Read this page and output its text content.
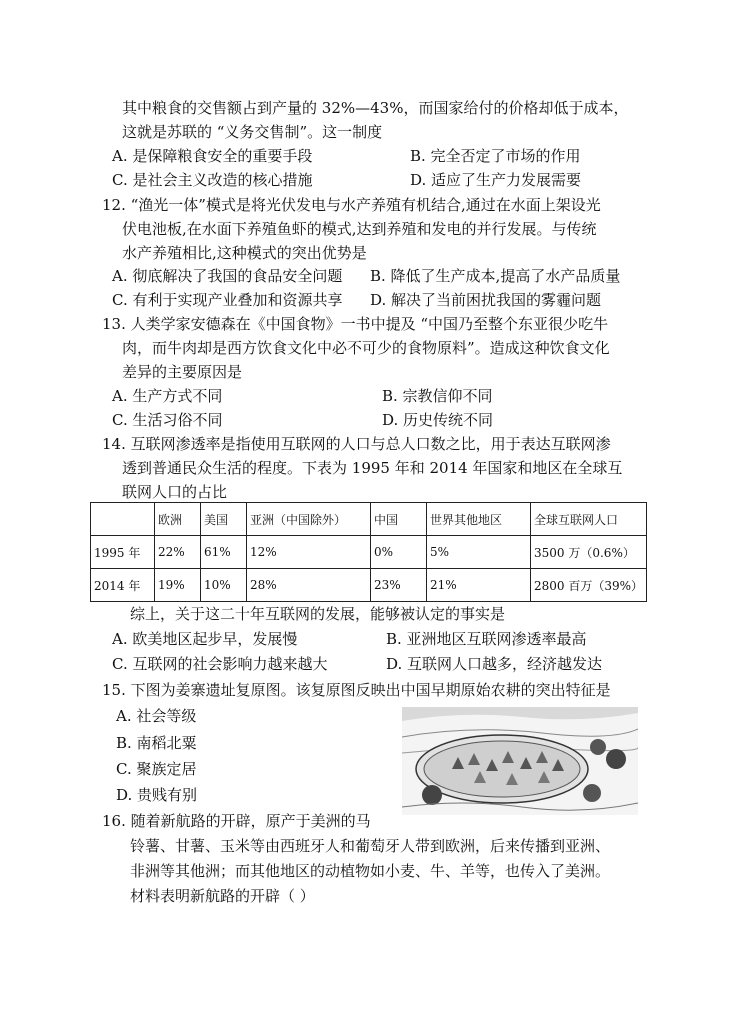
其中粮食的交售额占到产量的 32%—43%，而国家给付的价格却低于成本，
这就是苏联的 “义务交售制”。这一制度
A. 是保障粮食安全的重要手段	B. 完全否定了市场的作用
C. 是社会主义改造的核心措施	D. 适应了生产力发展需要
12. “渔光一体”模式是将光伏发电与水产养殖有机结合,通过在水面上架设光
伏电池板,在水面下养殖鱼虾的模式,达到养殖和发电的并行发展。与传统
水产养殖相比,这种模式的突出优势是
A. 彻底解决了我国的食品安全问题 B. 降低了生产成本,提高了水产品质量
C. 有利于实现产业叠加和资源共享 D. 解决了当前困扰我国的雾霾问题
13. 人类学家安德森在《中国食物》一书中提及 “中国乃至整个东亚很少吃牛
肉，而牛肉却是西方饮食文化中必不可少的食物原料”。造成这种饮食文化
差异的主要原因是
A. 生产方式不同	B. 宗教信仰不同
C. 生活习俗不同	D. 历史传统不同
14. 互联网渗透率是指使用互联网的人口与总人口数之比，用于表达互联网渗
透到普通民众生活的程度。下表为 1995 年和 2014 年国家和地区在全球互
联网人口的占比
	欧洲	美国	亚洲（中国除外）	中国	世界其他地区	全球互联网人口
1995 年	22%	61%	12%	0%	5%	3500 万（0.6%）
2014 年	19%	10%	28%	23%	21%	2800 百万（39%）
综上，关于这二十年互联网的发展，能够被认定的事实是
A. 欧美地区起步早，发展慢	B. 亚洲地区互联网渗透率最高
C. 互联网的社会影响力越来越大	D. 互联网人口越多，经济越发达
15. 下图为姜寨遗址复原图。该复原图反映出中国早期原始农耕的突出特征是
A. 社会等级
B. 南稻北粟
C. 聚族定居
D. 贵贱有别
16. 随着新航路的开辟，原产于美洲的马
铃薯、甘薯、玉米等由西班牙人和葡萄牙人带到欧洲，后来传播到亚洲、
非洲等其他洲；而其他地区的动植物如小麦、牛、羊等，也传入了美洲。
材料表明新航路的开辟（ ）
